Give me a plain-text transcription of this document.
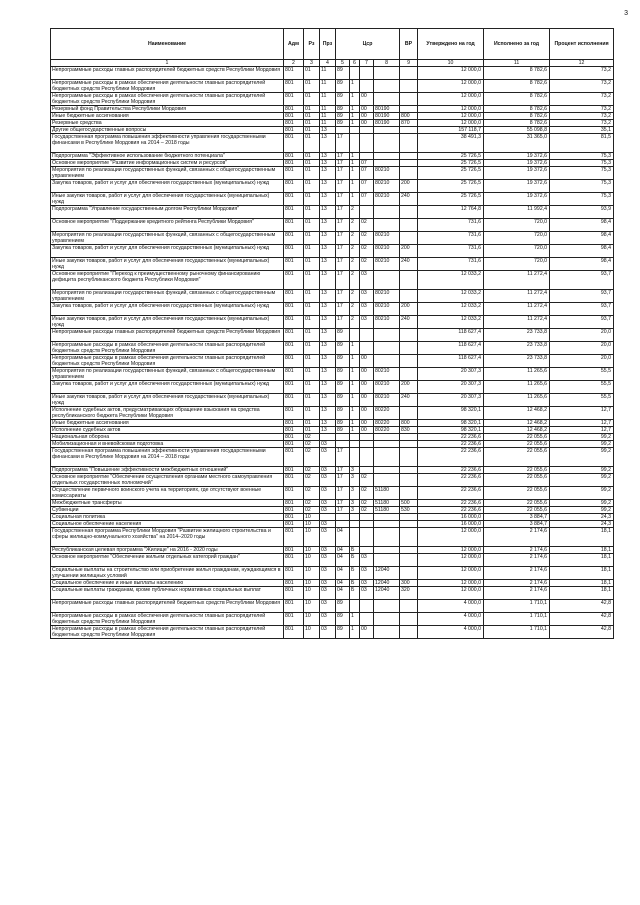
3
Наименование	Адм	Рз	Прз	Цср				ВР	Утверждено на год	Исполнено за год	Процент исполнения
1	2	3	4	5	6	7	8	9	10	11	12
Непрограммные расходы главных распорядителей бюджетных средств Республики Мордовия	801	01	11	89					12 000,0	8 782,6	73,2
Непрограммные расходы в рамках обеспечения деятельности главных распорядителей бюджетных средств Республики Мордовия	801	01	11	89	1				12 000,0	8 782,6	73,2
Непрограммные расходы в рамках обеспечения деятельности главных распорядителей бюджетных средств Республики Мордовия	801	01	11	89	1	00			12 000,0	8 782,6	73,2
Резервный фонд Правительства Республики Мордовия	801	01	11	89	1	00	80190		12 000,0	8 782,6	73,2
Иные бюджетные ассигнования	801	01	11	89	1	00	80190	800	12 000,0	8 782,6	73,2
Резервные средства	801	01	11	89	1	00	80190	870	12 000,0	8 782,6	73,2
Другие общегосударственные вопросы	801	01	13						157 118,7	55 098,8	35,1
Государственная программа повышения эффективности управления государственными финансами в Республике Мордовия на 2014 – 2018 годы	801	01	13	17					38 491,3	31 365,0	81,5
Подпрограмма "Эффективное использование бюджетного потенциала"	801	01	13	17	1				25 726,5	19 372,6	75,3
Основное мероприятие "Развитие информационных систем и ресурсов"	801	01	13	17	1	07			25 726,5	19 372,6	75,3
Мероприятия по реализации государственных функций, связанных с общегосударственным управлением	801	01	13	17	1	07	80210		25 726,5	19 372,6	75,3
Закупка товаров, работ и услуг для обеспечения государственных (муниципальных) нужд	801	01	13	17	1	07	80210	200	25 726,5	19 372,6	75,3
Иные закупки товаров, работ и услуг для обеспечения государственных (муниципальных) нужд	801	01	13	17	1	07	80210	240	25 726,5	19 372,6	75,3
Подпрограмма "Управление государственным долгом Республики Мордовия"	801	01	13	17	2				12 764,8	11 992,4	93,9
Основное мероприятие "Поддержание кредитного рейтинга Республики Мордовия"	801	01	13	17	2	02			731,6	720,0	98,4
Мероприятия по реализации государственных функций, связанных с общегосударственным управлением	801	01	13	17	2	02	80210		731,6	720,0	98,4
Закупка товаров, работ и услуг для обеспечения государственных (муниципальных) нужд	801	01	13	17	2	02	80210	200	731,6	720,0	98,4
Иные закупки товаров, работ и услуг для обеспечения государственных (муниципальных) нужд	801	01	13	17	2	02	80210	240	731,6	720,0	98,4
Основное мероприятие "Переход к преимущественному рыночному финансированию дефицита республиканского бюджета Республики Мордовия"	801	01	13	17	2	03			12 033,2	11 272,4	93,7
Мероприятия по реализации государственных функций, связанных с общегосударственным управлением	801	01	13	17	2	03	80210		12 033,2	11 272,4	93,7
Закупка товаров, работ и услуг для обеспечения государственных (муниципальных) нужд	801	01	13	17	2	03	80210	200	12 033,2	11 272,4	93,7
Иные закупки товаров, работ и услуг для обеспечения государственных (муниципальных) нужд	801	01	13	17	2	03	80210	240	12 033,2	11 272,4	93,7
Непрограммные расходы главных распорядителей бюджетных средств Республики Мордовия	801	01	13	89					118 627,4	23 733,8	20,0
Непрограммные расходы в рамках обеспечения деятельности главных распорядителей бюджетных средств Республики Мордовия	801	01	13	89	1				118 627,4	23 733,8	20,0
Непрограммные расходы в рамках обеспечения деятельности главных распорядителей бюджетных средств Республики Мордовия	801	01	13	89	1	00			118 627,4	23 733,8	20,0
Мероприятия по реализации государственных функций, связанных с общегосударственным управлением	801	01	13	89	1	00	80210		20 307,3	11 265,6	55,5
Закупка товаров, работ и услуг для обеспечения государственных (муниципальных) нужд	801	01	13	89	1	00	80210	200	20 307,3	11 265,6	55,5
Иные закупки товаров, работ и услуг для обеспечения государственных (муниципальных) нужд	801	01	13	89	1	00	80210	240	20 307,3	11 265,6	55,5
Исполнение судебных актов, предусматривающих обращение взыскания на средства республиканского бюджета Республики Мордовия	801	01	13	89	1	00	80220		98 320,1	12 468,2	12,7
Иные бюджетные ассигнования	801	01	13	89	1	00	80220	800	98 320,1	12 468,2	12,7
Исполнение судебных актов	801	01	13	89	1	00	80220	830	98 320,1	12 468,2	12,7
Национальная оборона	801	02							22 236,6	22 055,6	99,2
Мобилизационная и вневойсковая подготовка	801	02	03						22 236,6	22 055,6	99,2
Государственная программа повышения эффективности управления государственными финансами в Республике Мордовия на 2014 – 2018 годы	801	02	03	17					22 236,6	22 055,6	99,2
Подпрограмма "Повышение эффективности межбюджетных отношений"	801	02	03	17	3				22 236,6	22 055,6	99,2
Основное мероприятие "Обеспечение осуществления органами местного самоуправления отдельных государственных полномочий"	801	02	03	17	3	02			22 236,6	22 055,6	99,2
Осуществление первичного воинского учета на территориях, где отсутствуют военные комиссариаты	801	02	03	17	3	02	51180		22 236,6	22 055,6	99,2
Межбюджетные трансферты	801	02	03	17	3	02	51180	500	22 236,6	22 055,6	99,2
Субвенции	801	02	03	17	3	02	51180	530	22 236,6	22 055,6	99,2
Социальная политика	801	10							16 000,0	3 884,7	24,3
Социальное обеспечение населения	801	10	03						16 000,0	3 884,7	24,3
Государственная программа Республики Мордовия "Развитие жилищного строительства и сферы жилищно-коммунального хозяйства" на 2014–2020 годы	801	10	03	04					12 000,0	2 174,6	18,1
Республиканская целевая программа "Жилище" на 2016 - 2020 годы	801	10	03	04	Б				12 000,0	2 174,6	18,1
Основное мероприятие "Обеспечение жильем отдельных категорий граждан"	801	10	03	04	Б	03			12 000,0	2 174,6	18,1
Социальные выплаты на строительство или приобретение жилья гражданам, нуждающимся в улучшении жилищных условий	801	10	03	04	Б	03	12040		12 000,0	2 174,6	18,1
Социальное обеспечение и иные выплаты населению	801	10	03	04	Б	03	12040	300	12 000,0	2 174,6	18,1
Социальные выплаты гражданам, кроме публичных нормативных социальных выплат	801	10	03	04	Б	03	12040	320	12 000,0	2 174,6	18,1
Непрограммные расходы главных распорядителей бюджетных средств Республики Мордовия	801	10	03	89					4 000,0	1 710,1	42,8
Непрограммные расходы в рамках обеспечения деятельности главных распорядителей бюджетных средств Республики Мордовия	801	10	03	89	1				4 000,0	1 710,1	42,8
Непрограммные расходы в рамках обеспечения деятельности главных распорядителей бюджетных средств Республики Мордовия	801	10	03	89	1	00			4 000,0	1 710,1	42,8
